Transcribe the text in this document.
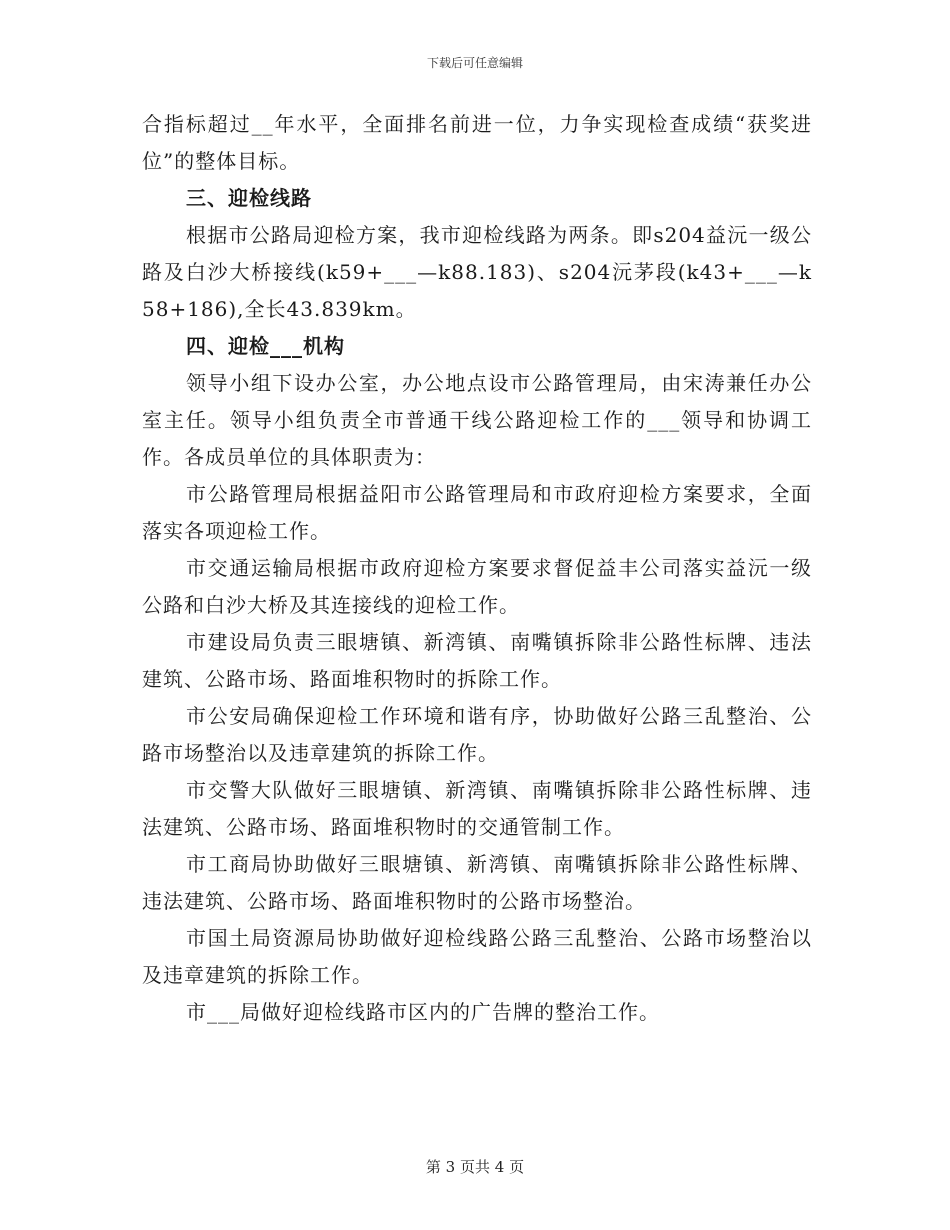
下载后可任意编辑

合指标超过__年水平，全面排名前进一位，力争实现检查成绩“获奖进位”的整体目标。

三、迎检线路

根据市公路局迎检方案，我市迎检线路为两条。即s204益沅一级公路及白沙大桥接线(k59+___—k88.183)、s204沅茅段(k43+___—k58+186),全长43.839km。

四、迎检___机构

领导小组下设办公室，办公地点设市公路管理局，由宋涛兼任办公室主任。领导小组负责全市普通干线公路迎检工作的___领导和协调工作。各成员单位的具体职责为：

市公路管理局根据益阳市公路管理局和市政府迎检方案要求，全面落实各项迎检工作。

市交通运输局根据市政府迎检方案要求督促益丰公司落实益沅一级公路和白沙大桥及其连接线的迎检工作。

市建设局负责三眼塘镇、新湾镇、南嘴镇拆除非公路性标牌、违法建筑、公路市场、路面堆积物时的拆除工作。

市公安局确保迎检工作环境和谐有序，协助做好公路三乱整治、公路市场整治以及违章建筑的拆除工作。

市交警大队做好三眼塘镇、新湾镇、南嘴镇拆除非公路性标牌、违法建筑、公路市场、路面堆积物时的交通管制工作。

市工商局协助做好三眼塘镇、新湾镇、南嘴镇拆除非公路性标牌、违法建筑、公路市场、路面堆积物时的公路市场整治。

市国土局资源局协助做好迎检线路公路三乱整治、公路市场整治以及违章建筑的拆除工作。

市___局做好迎检线路市区内的广告牌的整治工作。

第 3 页共 4 页
